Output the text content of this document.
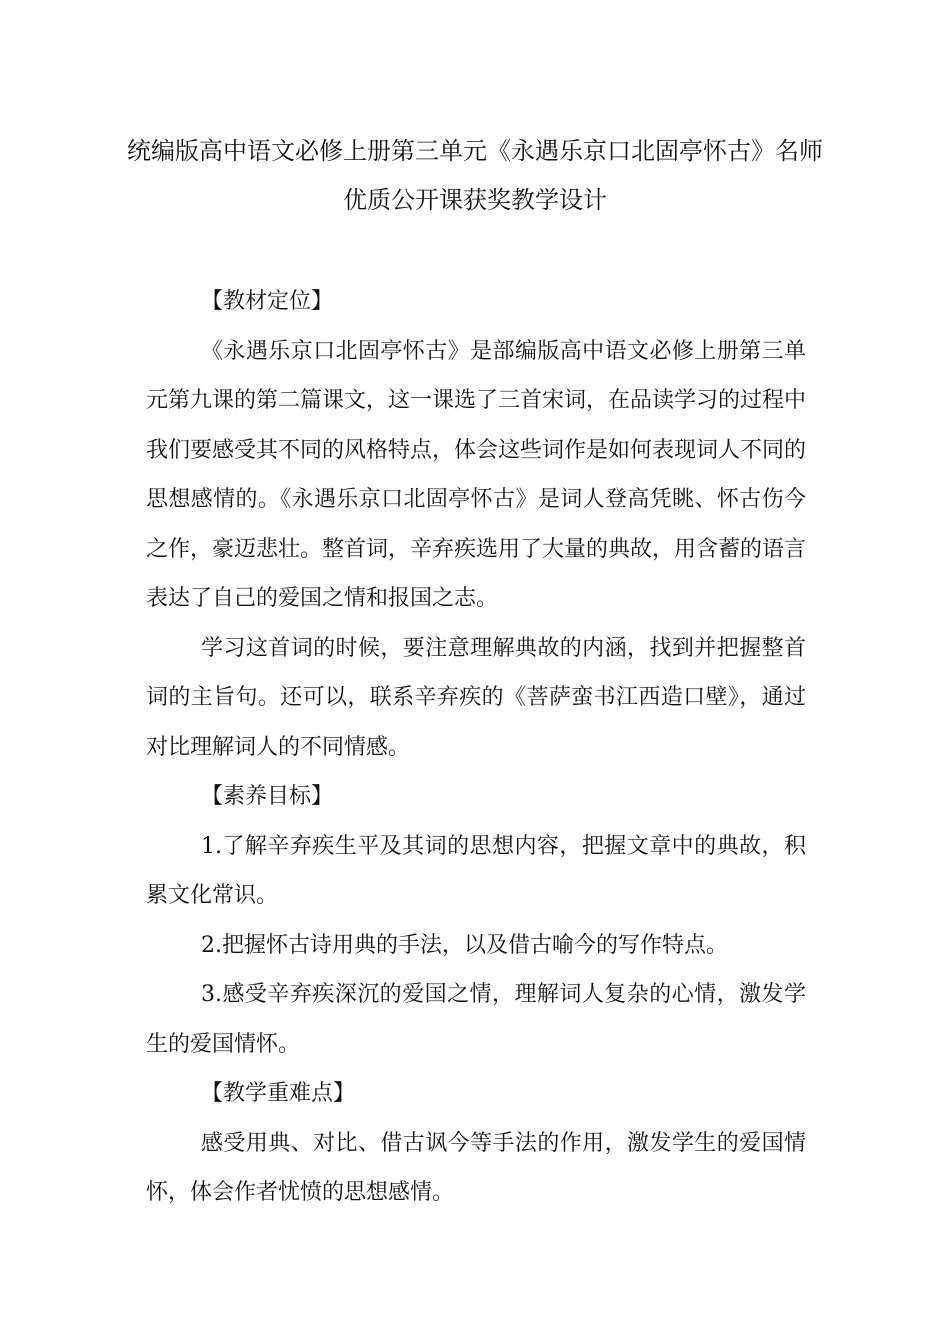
统编版高中语文必修上册第三单元《永遇乐京口北固亭怀古》名师
优质公开课获奖教学设计

【教材定位】

《永遇乐京口北固亭怀古》是部编版高中语文必修上册第三单元第九课的第二篇课文，这一课选了三首宋词，在品读学习的过程中我们要感受其不同的风格特点，体会这些词作是如何表现词人不同的思想感情的。《永遇乐京口北固亭怀古》是词人登高凭眺、怀古伤今之作，豪迈悲壮。整首词，辛弃疾选用了大量的典故，用含蓄的语言表达了自己的爱国之情和报国之志。

学习这首词的时候，要注意理解典故的内涵，找到并把握整首词的主旨句。还可以，联系辛弃疾的《菩萨蛮书江西造口壁》，通过对比理解词人的不同情感。

【素养目标】

1.了解辛弃疾生平及其词的思想内容，把握文章中的典故，积累文化常识。

2.把握怀古诗用典的手法，以及借古喻今的写作特点。

3.感受辛弃疾深沉的爱国之情，理解词人复杂的心情，激发学生的爱国情怀。

【教学重难点】

感受用典、对比、借古讽今等手法的作用，激发学生的爱国情怀，体会作者忧愤的思想感情。
